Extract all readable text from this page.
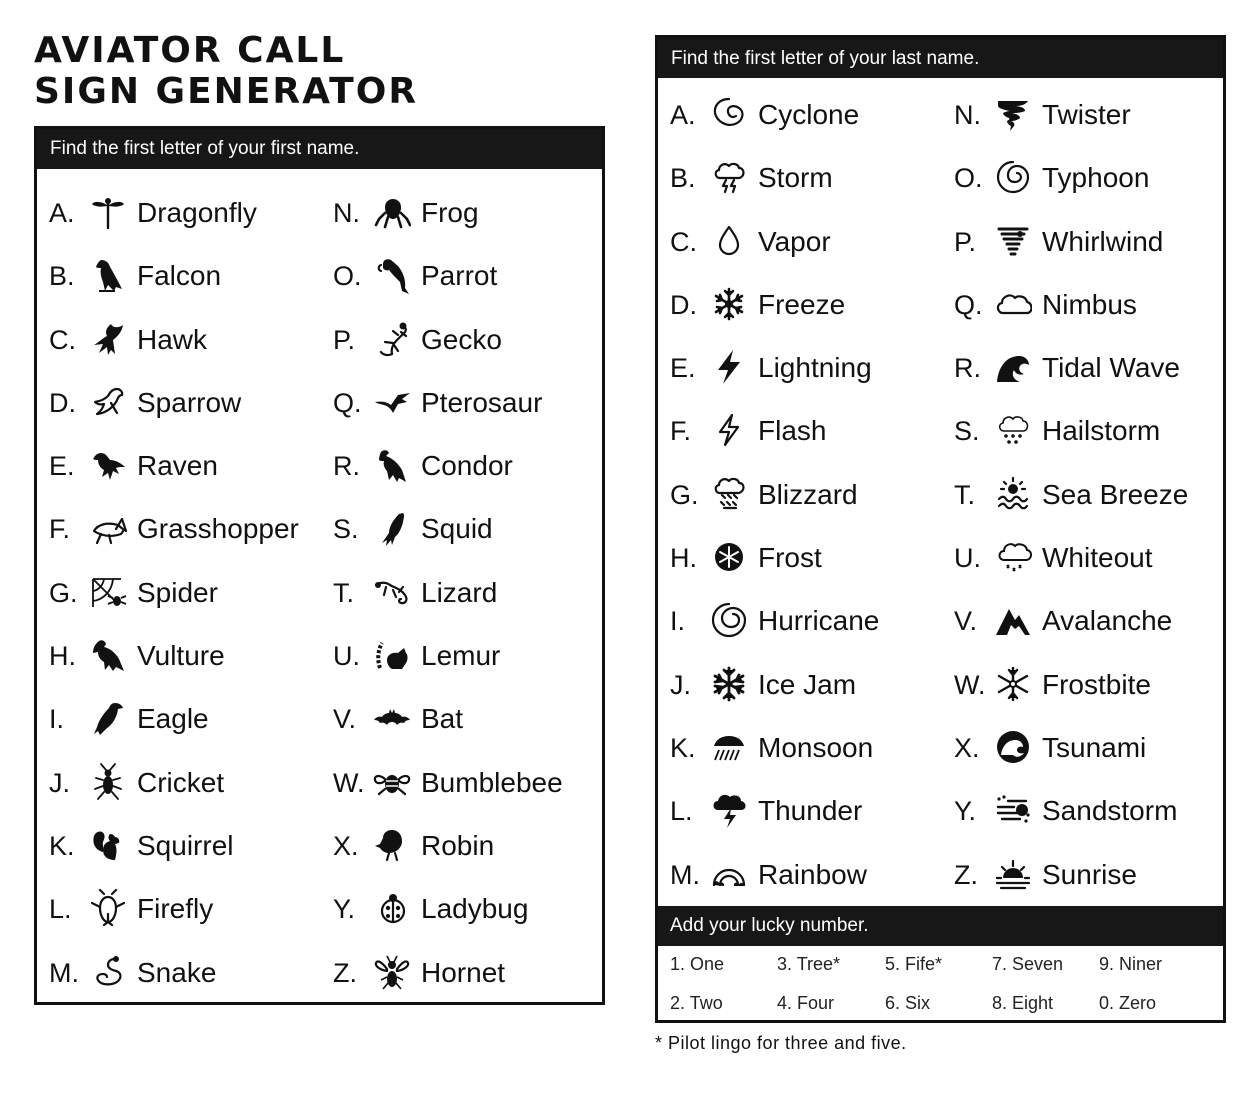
AVIATOR CALL
SIGN GENERATOR
Find the first letter of your first name.
A. Dragonfly
B. Falcon
C. Hawk
D. Sparrow
E. Raven
F. Grasshopper
G. Spider
H. Vulture
I.	Eagle
J. Cricket
K. Squirrel
L. Firefly
M. Snake
N. Frog
O. Parrot
P. Gecko
Q. Pterosaur
R. Condor
S. Squid
T. Lizard
U. Lemur
V. Bat
W. Bumblebee
X. Robin
Y. Ladybug
Z. Hornet
Find the first letter of your last name.
A. Cyclone
B. Storm
C. Vapor
D. Freeze
E. Lightning
F. Flash
G. Blizzard
H. Frost
I.	Hurricane
J. Ice Jam
K. Monsoon
L. Thunder
M. Rainbow
N. Twister
O. Typhoon
P. Whirlwind
Q. Nimbus
R. Tidal Wave
S. Hailstorm
T. Sea Breeze
U. Whiteout
V. Avalanche
W. Frostbite
X. Tsunami
Y. Sandstorm
Z. Sunrise
Add your lucky number.
1. One
2. Two
3. Tree*
4. Four
5. Fife*
6. Six
7. Seven
8. Eight
9. Niner
0. Zero
* Pilot lingo for three and five.
